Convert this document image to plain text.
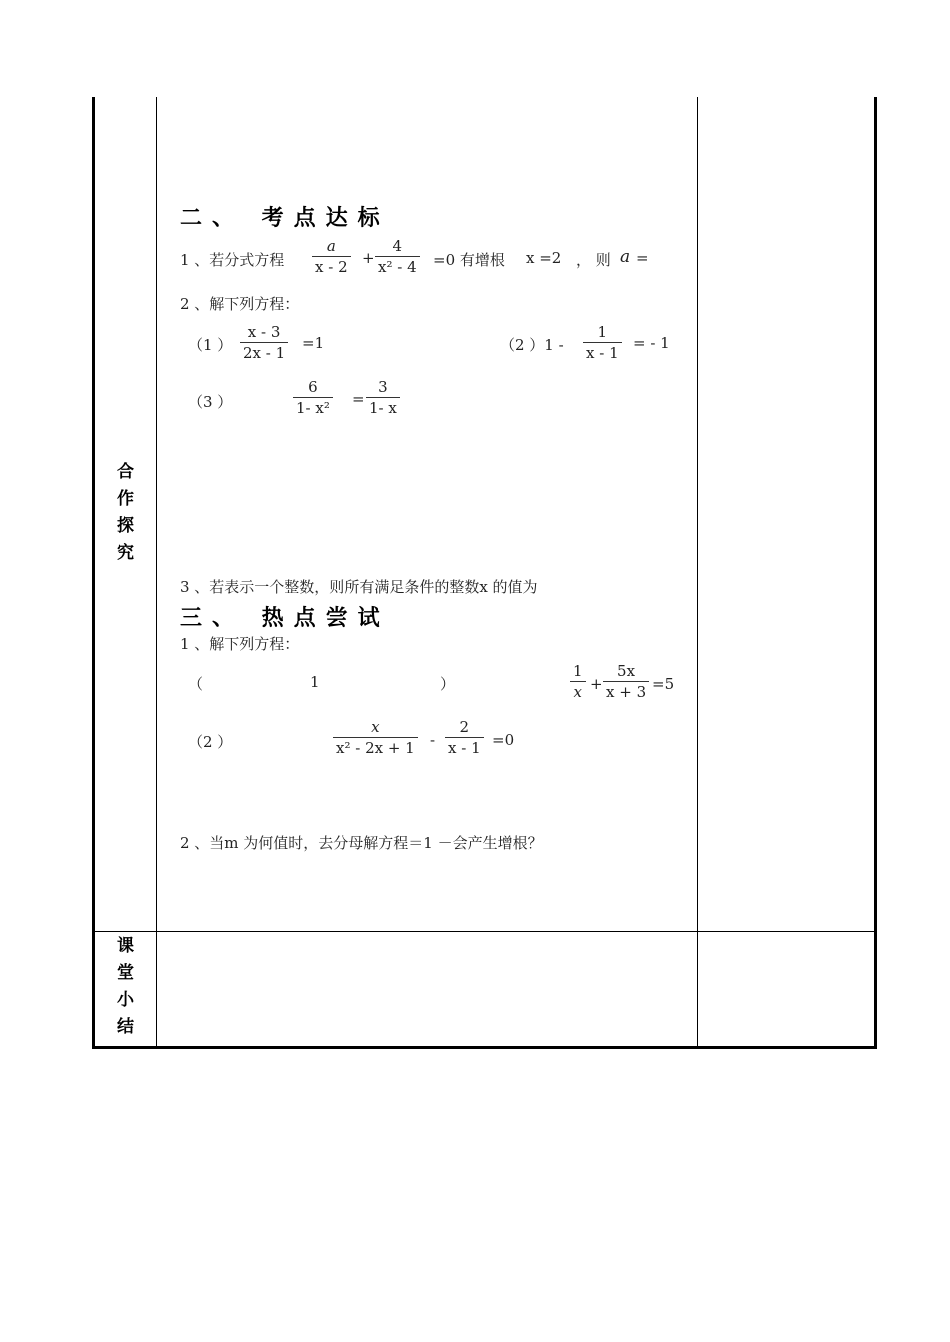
合
作
探
究
课
堂
小
结
二、 考点达标
1 、若分式方程 $\frac{a}{x - 2} + \frac{4}{\text{x² - 4}} =0$ 有增根 x =2 ， 则 a =
2 、解下列方程：
（1 ） $\frac{x - 3}{2x - 1} =1$	（2 ）$1 - \frac{1}{x - 1}$ = - 1
（3 ）	$\frac{6}{\text{1- x²}} = \frac{3}{1- x}$
3 、若表示一个整数，则所有满足条件的整数x 的值为
三、 热点尝试
1 、解下列方程：
（	1	）	$\frac{1}{x} + \frac{5x}{x + 3} =5$
（2 ）	$\frac{x}{\text{x² - 2x + 1}} - \frac{2}{x - 1} =0$
2 、当m 为何值时，去分母解方程＝1 －会产生增根？
